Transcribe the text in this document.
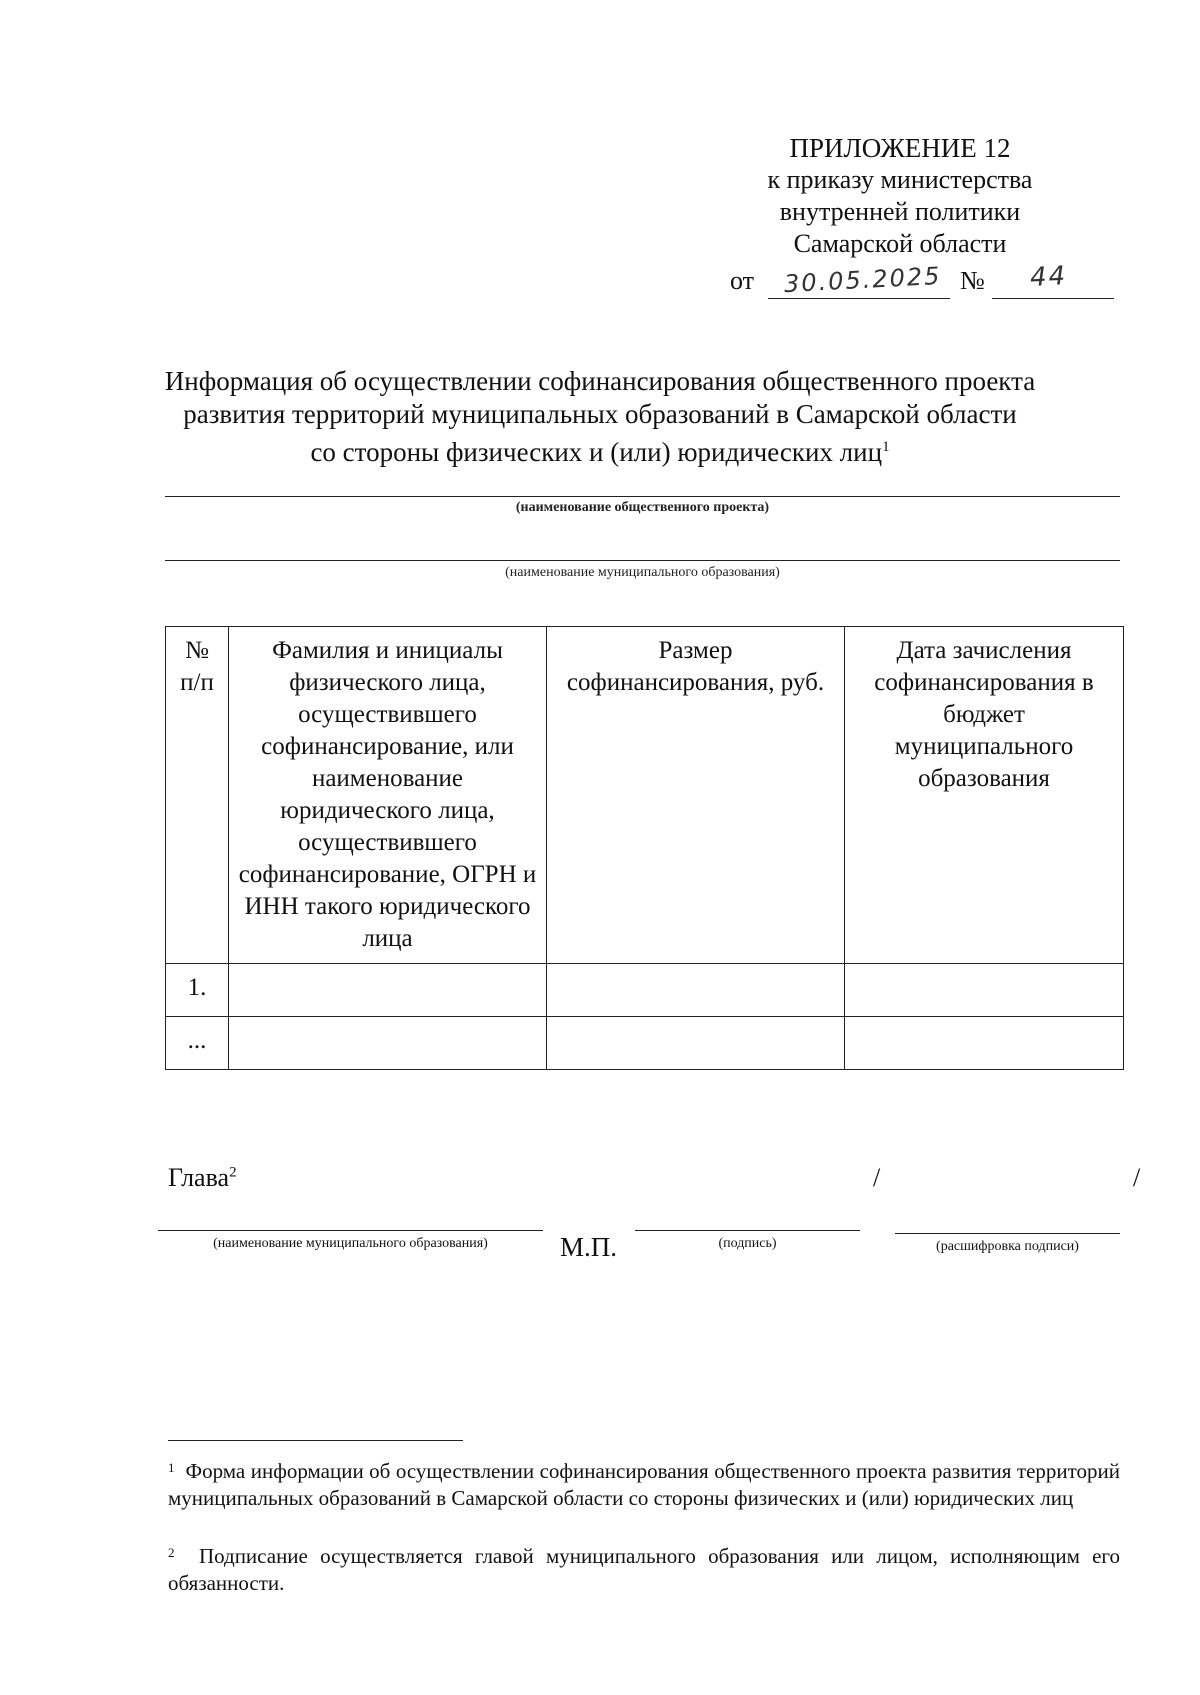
ПРИЛОЖЕНИЕ 12
к приказу министерства
внутренней политики
Самарской области
от 30.05.2025 № 44
Информация об осуществлении софинансирования общественного проекта
развития территорий муниципальных образований в Самарской области
со стороны физических и (или) юридических лиц$^1$
(наименование общественного проекта)
(наименование муниципального образования)
№ п/п	Фамилия и инициалы физического лица, осуществившего софинансирование, или наименование юридического лица, осуществившего софинансирование, ОГРН и ИНН такого юридического лица	Размер софинансирования, руб.	Дата зачисления софинансирования в бюджет муниципального образования
1.			
...			
Глава$^2$	/	/
(наименование муниципального образования)	М.П.	(подпись)	(расшифровка подписи)
$^1$ Форма информации об осуществлении софинансирования общественного проекта развития территорий муниципальных образований в Самарской области со стороны физических и (или) юридических лиц
$^2$ Подписание осуществляется главой муниципального образования или лицом, исполняющим его обязанности.
